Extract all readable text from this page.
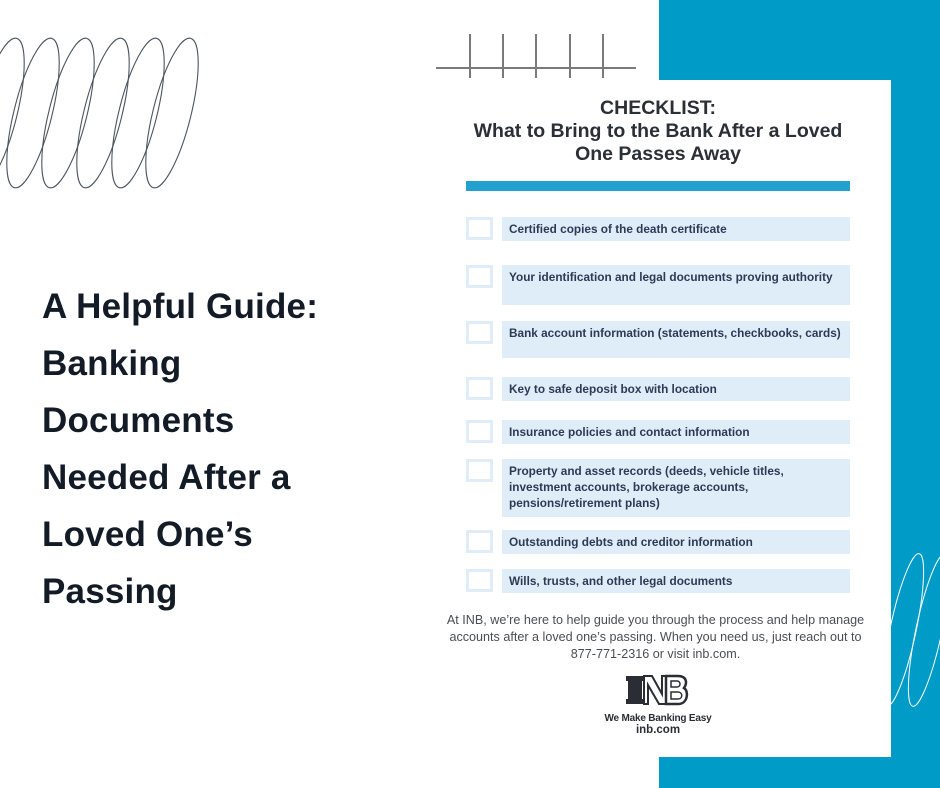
A Helpful Guide:
Banking
Documents
Needed After a
Loved One’s
Passing
CHECKLIST:
What to Bring to the Bank After a Loved
One Passes Away
Certified copies of the death certificate
Your identification and legal documents proving authority
Bank account information (statements, checkbooks, cards)
Key to safe deposit box with location
Insurance policies and contact information
Property and asset records (deeds, vehicle titles, investment accounts, brokerage accounts, pensions/retirement plans)
Outstanding debts and creditor information
Wills, trusts, and other legal documents
At INB, we’re here to help guide you through the process and help manage
accounts after a loved one’s passing. When you need us, just reach out to
877-771-2316 or visit inb.com.
We Make Banking Easy
inb.com
